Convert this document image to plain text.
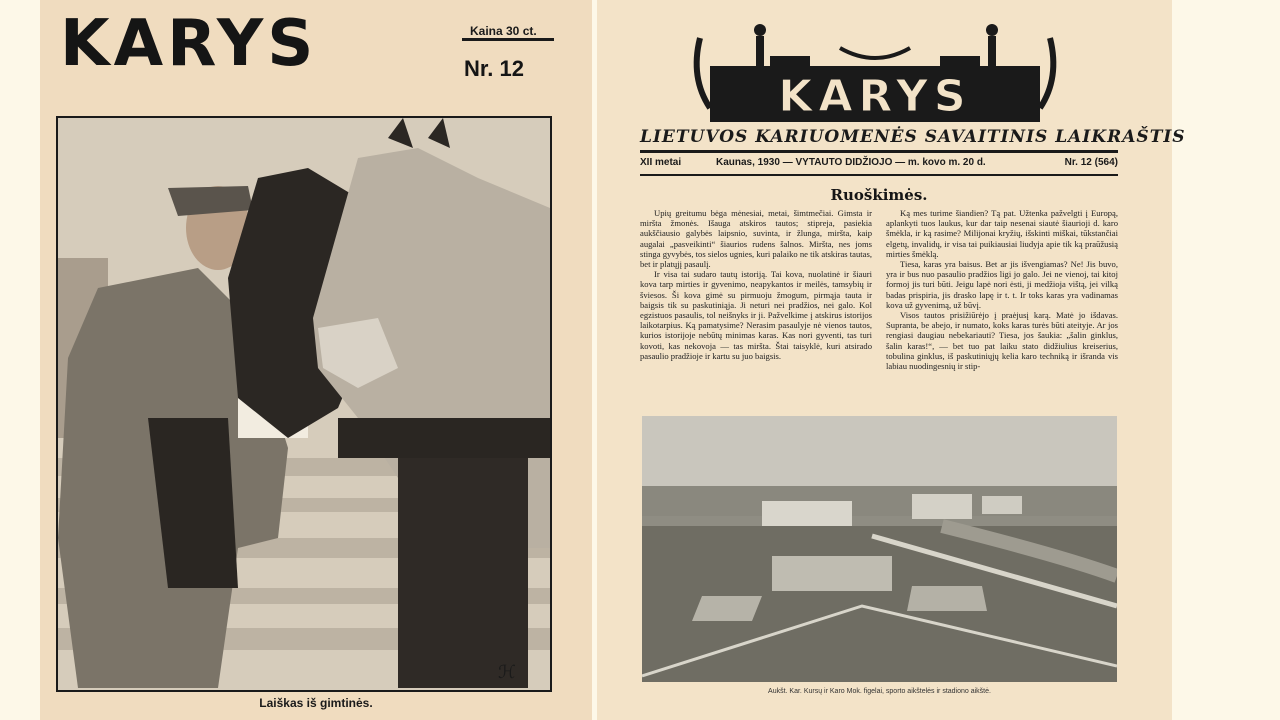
KARYS	Kaina 30 ct.
Nr. 12
ℋ
Laiškas iš gimtinės.
KARYS
LIETUVOS KARIUOMENĖS SAVAITINIS LAIKRAŠTIS
XII metai	Kaunas, 1930 — VYTAUTO DIDŽIOJO — m. kovo m. 20 d.	Nr. 12 (564)
Ruoškimės.

Upių greitumu bėga mėnesiai, metai, šimtmečiai. Gimsta ir miršta žmonės. Išauga atskiros tautos; stipreja, pasiekia aukščiausio galybės laipsnio, suvinta, ir žlunga, miršta, kaip augalai „pasveikinti“ šiaurios rudens šalnos. Miršta, nes joms stinga gyvybės, tos sielos ugnies, kuri palaiko ne tik atskiras tautas, bet ir platųjį pasaulį.

Ir visa tai sudaro tautų istoriją. Tai kova, nuolatinė ir šiauri kova tarp mirties ir gyvenimo, neapykantos ir meilės, tamsybių ir šviesos. Ši kova gimė su pirmuoju žmogum, pirmąja tauta ir baigsis tik su paskutiniąja. Ji neturi nei pradžios, nei galo. Kol egzistuos pasaulis, tol neišnyks ir ji. Pažvelkime į atskirus istorijos laikotarpius. Ką pamatysime? Nerasim pasaulyje nė vienos tautos, kurios istorijoje nebūtų minimas karas. Kas nori gyventi, tas turi kovoti, kas nekovoja — tas miršta. Štai taisyklė, kuri atsirado pasaulio pradžioje ir kartu su juo baigsis.

Ką mes turime šiandien? Tą pat. Užtenka pažvelgti į Europą, aplankyti tuos laukus, kur dar taip nesenai siautė šiaurioji d. karo šmėkla, ir ką rasime? Milijonai kryžių, išskinti miškai, tūkstančiai elgetų, invalidų, ir visa tai puikiausiai liudyja apie tik ką praūžusią mirties šmėklą.

Tiesa, karas yra baisus. Bet ar jis išvengiamas? Ne! Jis buvo, yra ir bus nuo pasaulio pradžios ligi jo galo. Jei ne vienoj, tai kitoj formoj jis turi būti. Jeigu lapė nori ėsti, ji medžioja vištą, jei vilką badas prispiria, jis drasko lapę ir t. t. Ir toks karas yra vadinamas kova už gyvenimą, už būvį.

Visos tautos prisižiūrėjo į praėjusį karą. Matė jo išdavas. Supranta, be abejo, ir numato, koks karas turės būti ateityje. Ar jos rengiasi daugiau nebekariauti? Tiesa, jos šaukia: „šalin ginklus, šalin karas!“, — bet tuo pat laiku stato didžiulius kreiserius, tobulina ginklus, iš paskutiniųjų kelia karo techniką ir išranda vis labiau nuodingesnių ir stip-

Aukšt. Kar. Kursų ir Karo Mok. figelai, sporto aikštelės ir stadiono aikštė.
